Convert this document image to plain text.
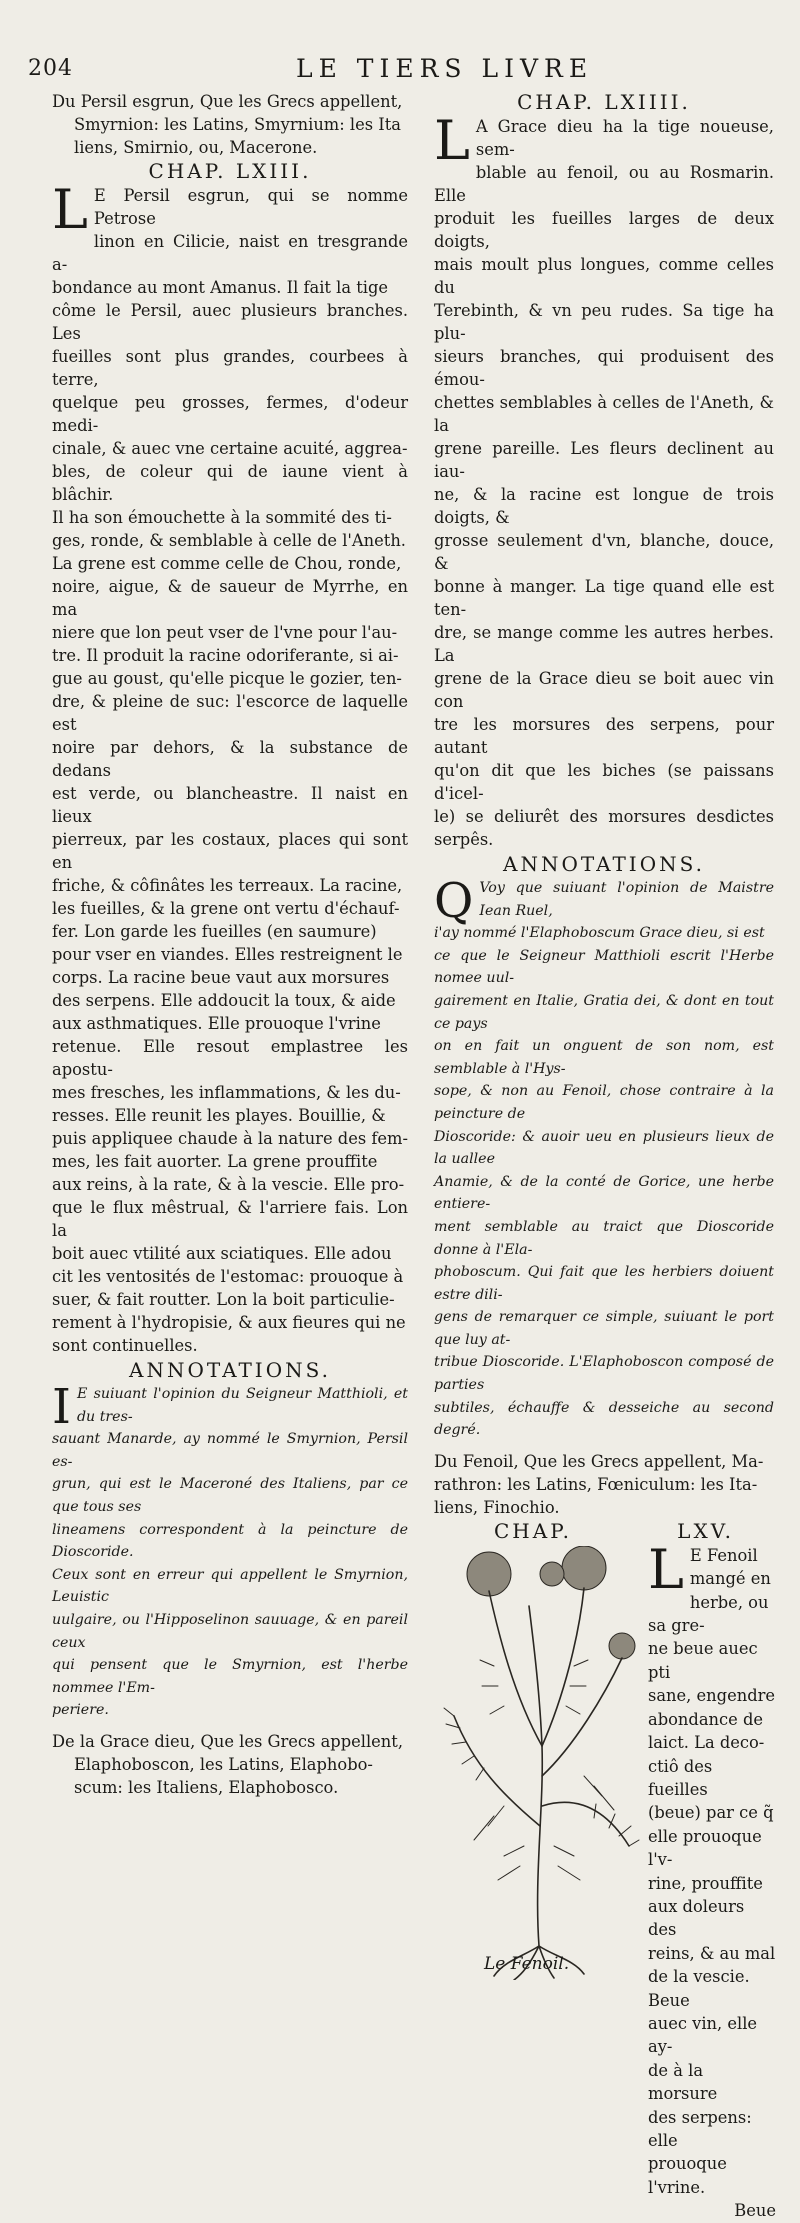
204	LE TIERS LIVRE

Du Persil esgrun, Que les Grecs appellent,

Smyrnion: les Latins, Smyrnium: les Ita

liens, Smirnio, ou, Macerone.

CHAP. LXIII.

L E Persil esgrun, qui se nomme Petrose

linon en Cilicie, naist en tresgrande a-

bondance au mont Amanus. Il fait la tige

côme le Persil, auec plusieurs branches. Les

fueilles sont plus grandes, courbees à terre,

quelque peu grosses, fermes, d'odeur medi-

cinale, & auec vne certaine acuité, aggrea-

bles, de coleur qui de iaune vient à blâchir.

Il ha son émouchette à la sommité des ti-

ges, ronde, & semblable à celle de l'Aneth.

La grene est comme celle de Chou, ronde,

noire, aigue, & de saueur de Myrrhe, en ma

niere que lon peut vser de l'vne pour l'au-

tre. Il produit la racine odoriferante, si ai-

gue au goust, qu'elle picque le gozier, ten-

dre, & pleine de suc: l'escorce de laquelle est

noire par dehors, & la substance de dedans

est verde, ou blancheastre. Il naist en lieux

pierreux, par les costaux, places qui sont en

friche, & côfinâtes les terreaux. La racine,

les fueilles, & la grene ont vertu d'échauf-

fer. Lon garde les fueilles (en saumure)

pour vser en viandes. Elles restreignent le

corps. La racine beue vaut aux morsures

des serpens. Elle addoucit la toux, & aide

aux asthmatiques. Elle prouoque l'vrine

retenue. Elle resout emplastree les apostu-

mes fresches, les inflammations, & les du-

resses. Elle reunit les playes. Bouillie, &

puis appliquee chaude à la nature des fem-

mes, les fait auorter. La grene prouffite

aux reins, à la rate, & à la vescie. Elle pro-

que le flux mêstrual, & l'arriere fais. Lon la

boit auec vtilité aux sciatiques. Elle adou

cit les ventosités de l'estomac: prouoque à

suer, & fait routter. Lon la boit particulie-

rement à l'hydropisie, & aux fieures qui ne

sont continuelles.

ANNOTATIONS.

I E suiuant l'opinion du Seigneur Matthioli, et du tres-

sauant Manarde, ay nommé le Smyrnion, Persil es-

grun, qui est le Maceroné des Italiens, par ce que tous ses

lineamens correspondent à la peincture de Dioscoride.

Ceux sont en erreur qui appellent le Smyrnion, Leuistic

uulgaire, ou l'Hipposelinon sauuage, & en pareil ceux

qui pensent que le Smyrnion, est l'herbe nommee l'Em-

periere.

De la Grace dieu, Que les Grecs appellent,

Elaphoboscon, les Latins, Elaphobo-

scum: les Italiens, Elaphobosco.

CHAP. LXIIII.

L A Grace dieu ha la tige noueuse, sem-

blable au fenoil, ou au Rosmarin. Elle

produit les fueilles larges de deux doigts,

mais moult plus longues, comme celles du

Terebinth, & vn peu rudes. Sa tige ha plu-

sieurs branches, qui produisent des émou-

chettes semblables à celles de l'Aneth, & la

grene pareille. Les fleurs declinent au iau-

ne, & la racine est longue de trois doigts, &

grosse seulement d'vn, blanche, douce, &

bonne à manger. La tige quand elle est ten-

dre, se mange comme les autres herbes. La

grene de la Grace dieu se boit auec vin con

tre les morsures des serpens, pour autant

qu'on dit que les biches (se paissans d'icel-

le) se deliurêt des morsures desdictes serpês.

ANNOTATIONS.

Q Voy que suiuant l'opinion de Maistre Iean Ruel,

i'ay nommé l'Elaphoboscum Grace dieu, si est

ce que le Seigneur Matthioli escrit l'Herbe nomee uul-

gairement en Italie, Gratia dei, & dont en tout ce pays

on en fait un onguent de son nom, est semblable à l'Hys-

sope, & non au Fenoil, chose contraire à la peincture de

Dioscoride: & auoir ueu en plusieurs lieux de la uallee

Anamie, & de la conté de Gorice, une herbe entiere-

ment semblable au traict que Dioscoride donne à l'Ela-

phoboscum. Qui fait que les herbiers doiuent estre dili-

gens de remarquer ce simple, suiuant le port que luy at-

tribue Dioscoride. L'Elaphoboscon composé de parties

subtiles, échauffe & desseiche au second degré.

Du Fenoil, Que les Grecs appellent, Ma-

rathron: les Latins, Fœniculum: les Ita-

liens, Finochio.

CHAP.	LXV.
Le Fenoil.
L E Fenoil

mangé en

herbe, ou sa gre-

ne beue auec pti

sane, engendre

abondance de

laict. La deco-

ctiô des fueilles

(beue) par ce q̃

elle prouoque l'v-

rine, prouffite

aux doleurs des

reins, & au mal

de la vescie. Beue

auec vin, elle ay-

de à la morsure

des serpens: elle

prouoque l'vrine.

Beue
